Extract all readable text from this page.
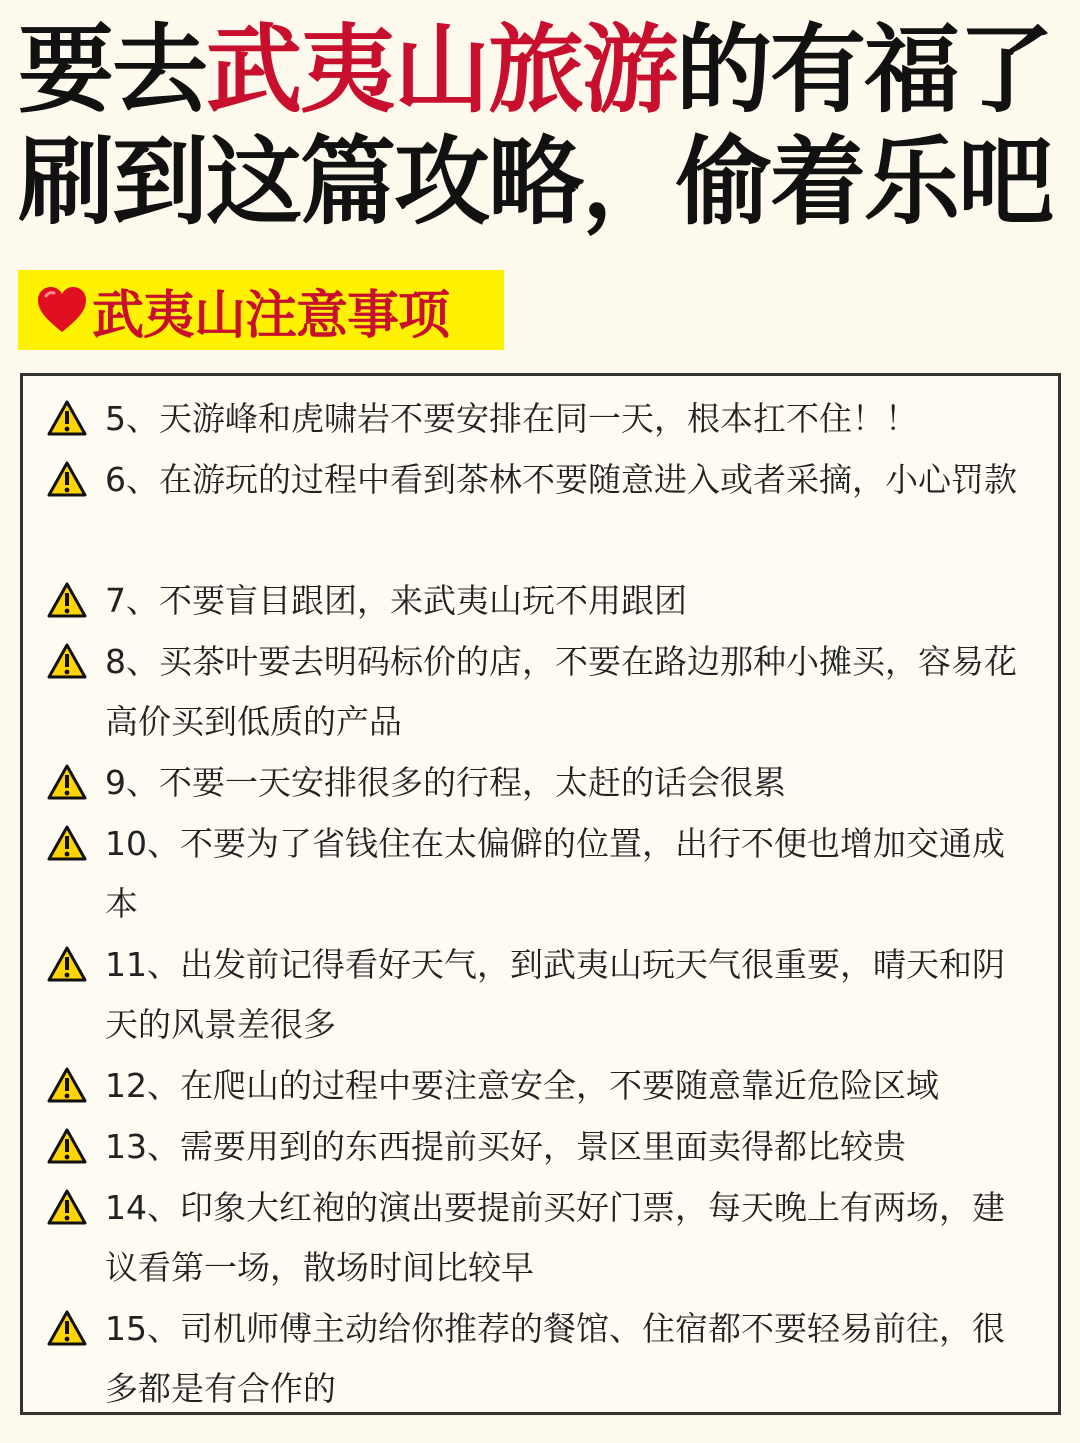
要去武夷山旅游的有福了
刷到这篇攻略，偷着乐吧
武夷山注意事项
5、天游峰和虎啸岩不要安排在同一天，根本扛不住！！
6、在游玩的过程中看到茶林不要随意进入或者采摘，小心罚款
7、不要盲目跟团，来武夷山玩不用跟团
8、买茶叶要去明码标价的店，不要在路边那种小摊买，容易花高价买到低质的产品
9、不要一天安排很多的行程，太赶的话会很累
10、不要为了省钱住在太偏僻的位置，出行不便也增加交通成本
11、出发前记得看好天气，到武夷山玩天气很重要，晴天和阴天的风景差很多
12、在爬山的过程中要注意安全，不要随意靠近危险区域
13、需要用到的东西提前买好，景区里面卖得都比较贵
14、印象大红袍的演出要提前买好门票，每天晚上有两场，建议看第一场，散场时间比较早
15、司机师傅主动给你推荐的餐馆、住宿都不要轻易前往，很多都是有合作的
